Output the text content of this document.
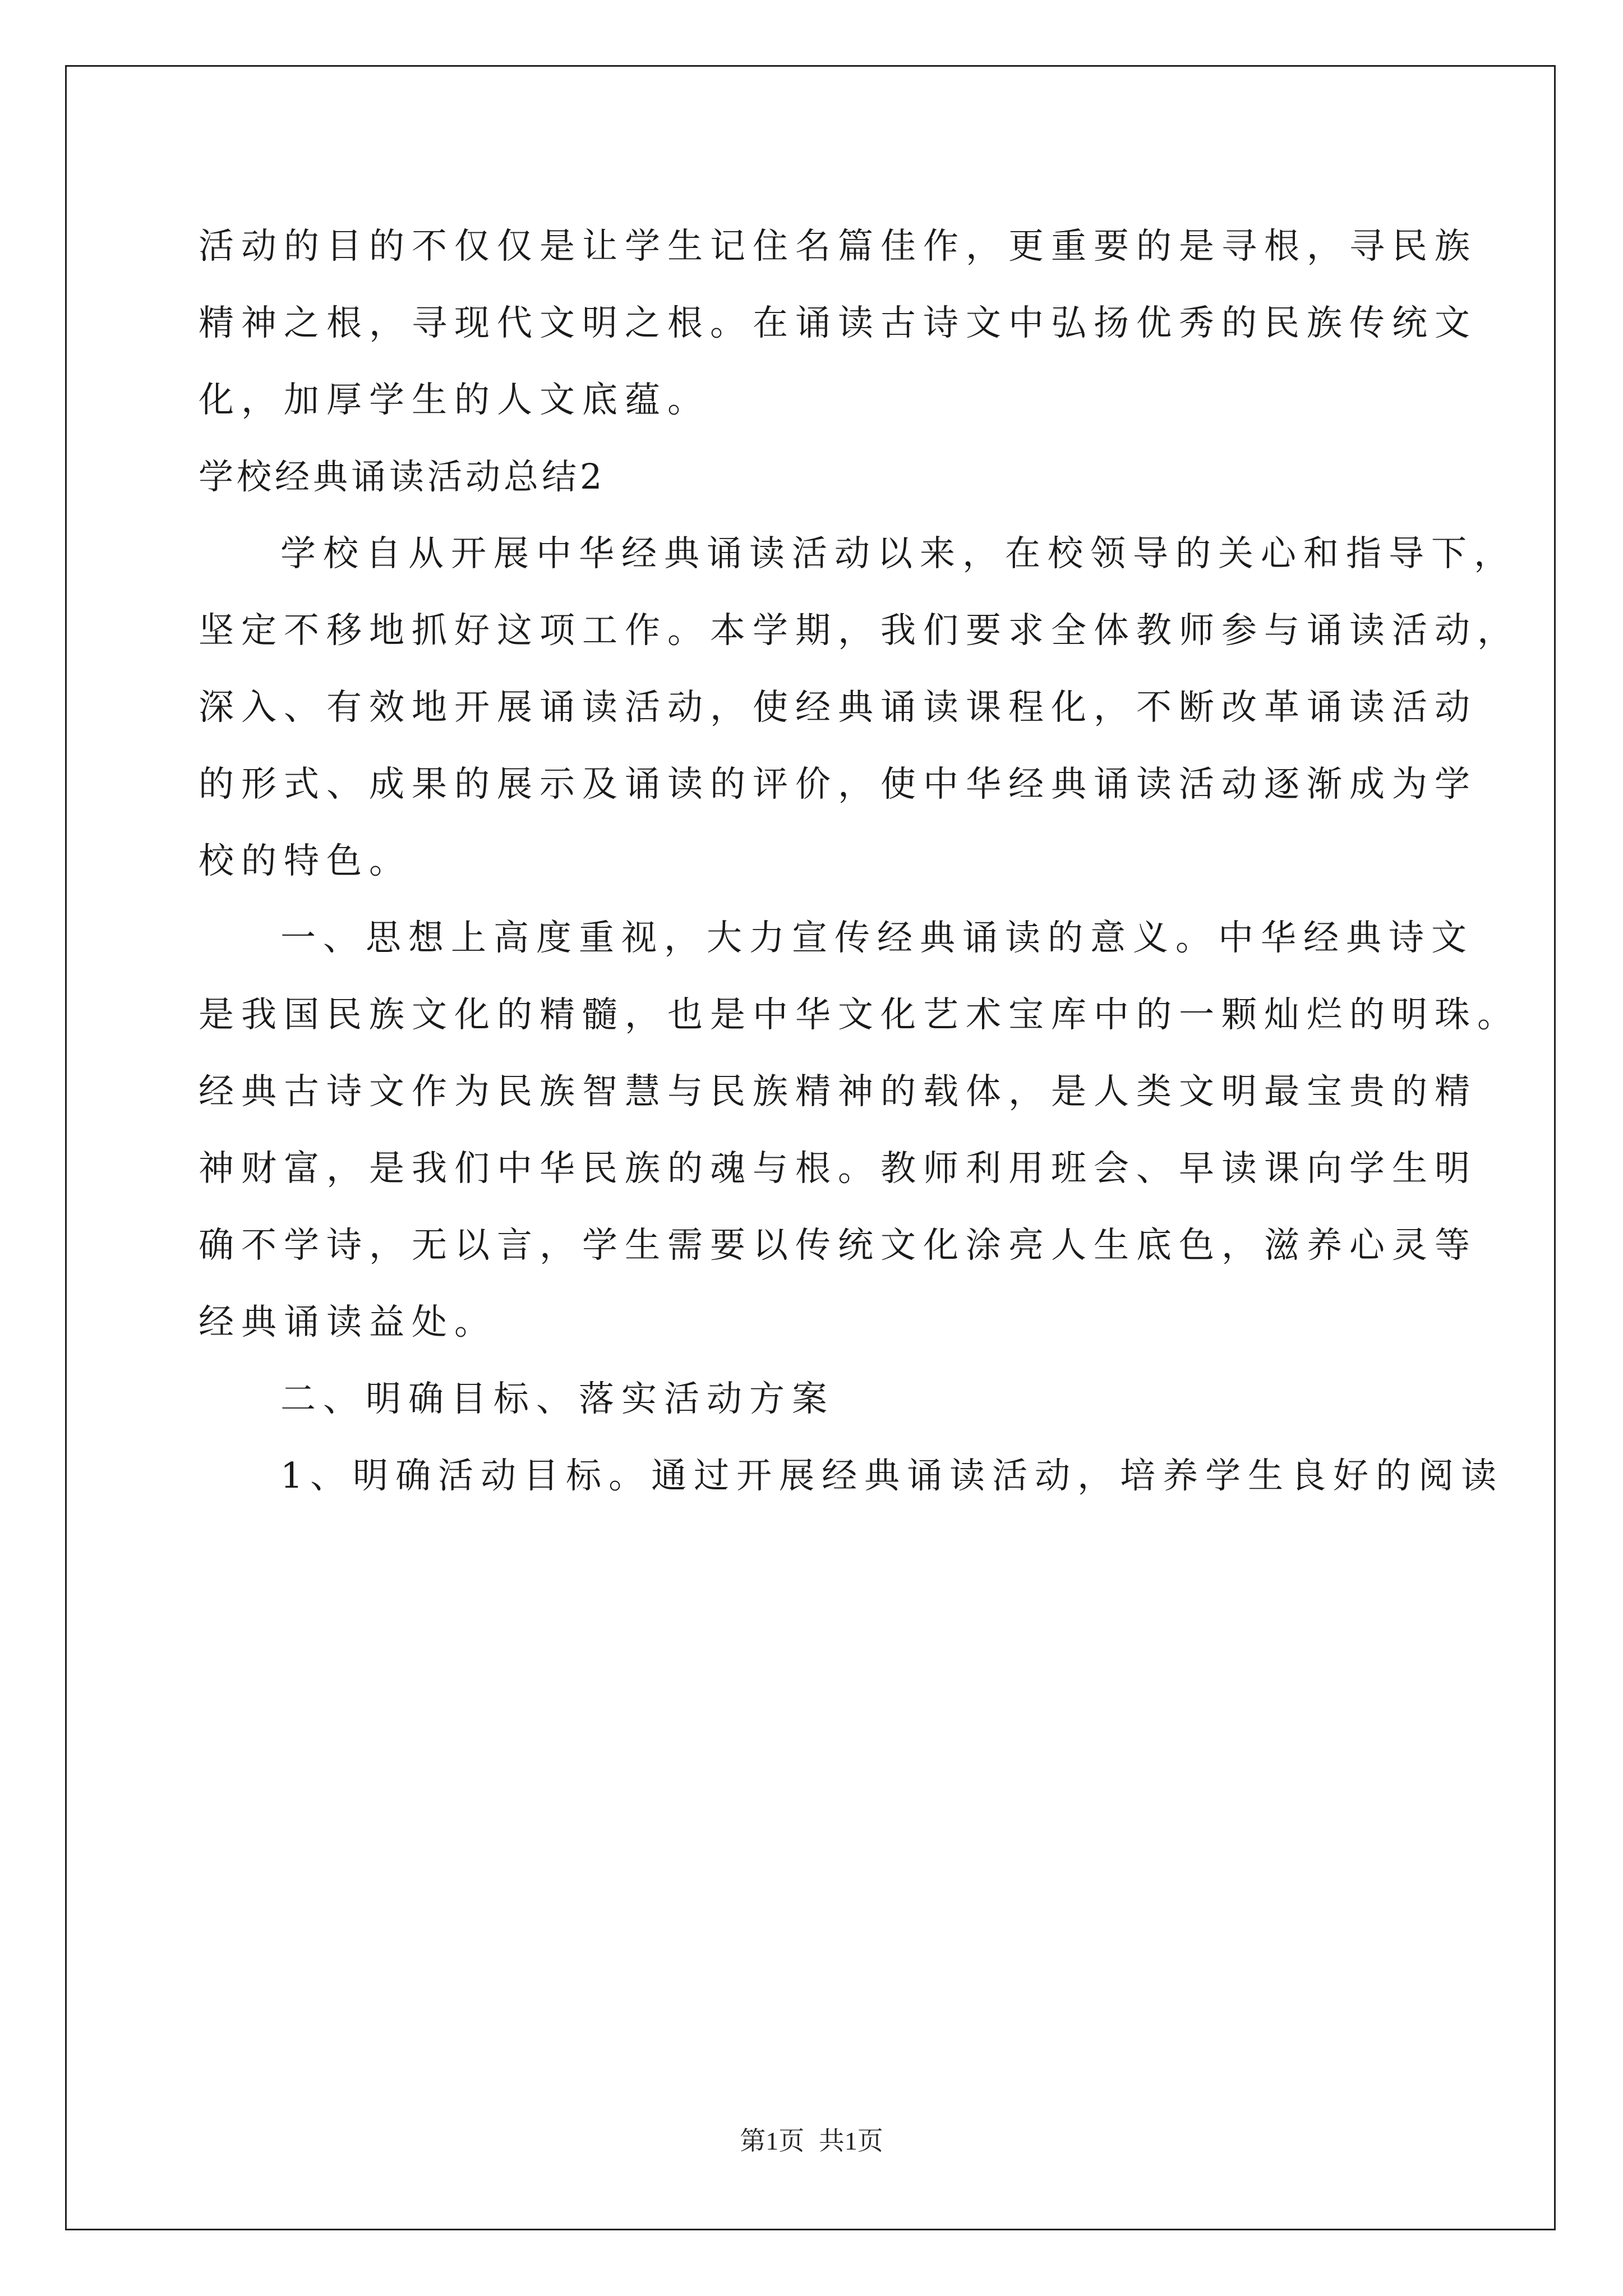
活动的目的不仅仅是让学生记住名篇佳作，更重要的是寻根，寻民族
精神之根，寻现代文明之根。在诵读古诗文中弘扬优秀的民族传统文
化，加厚学生的人文底蕴。
学校经典诵读活动总结2
学校自从开展中华经典诵读活动以来，在校领导的关心和指导下，
坚定不移地抓好这项工作。本学期，我们要求全体教师参与诵读活动，
深入、有效地开展诵读活动，使经典诵读课程化，不断改革诵读活动
的形式、成果的展示及诵读的评价，使中华经典诵读活动逐渐成为学
校的特色。
一、思想上高度重视，大力宣传经典诵读的意义。中华经典诗文
是我国民族文化的精髓，也是中华文化艺术宝库中的一颗灿烂的明珠。
经典古诗文作为民族智慧与民族精神的载体，是人类文明最宝贵的精
神财富，是我们中华民族的魂与根。教师利用班会、早读课向学生明
确不学诗，无以言，学生需要以传统文化涂亮人生底色，滋养心灵等
经典诵读益处。
二、明确目标、落实活动方案
1、明确活动目标。通过开展经典诵读活动，培养学生良好的阅读
第1页 共1页
